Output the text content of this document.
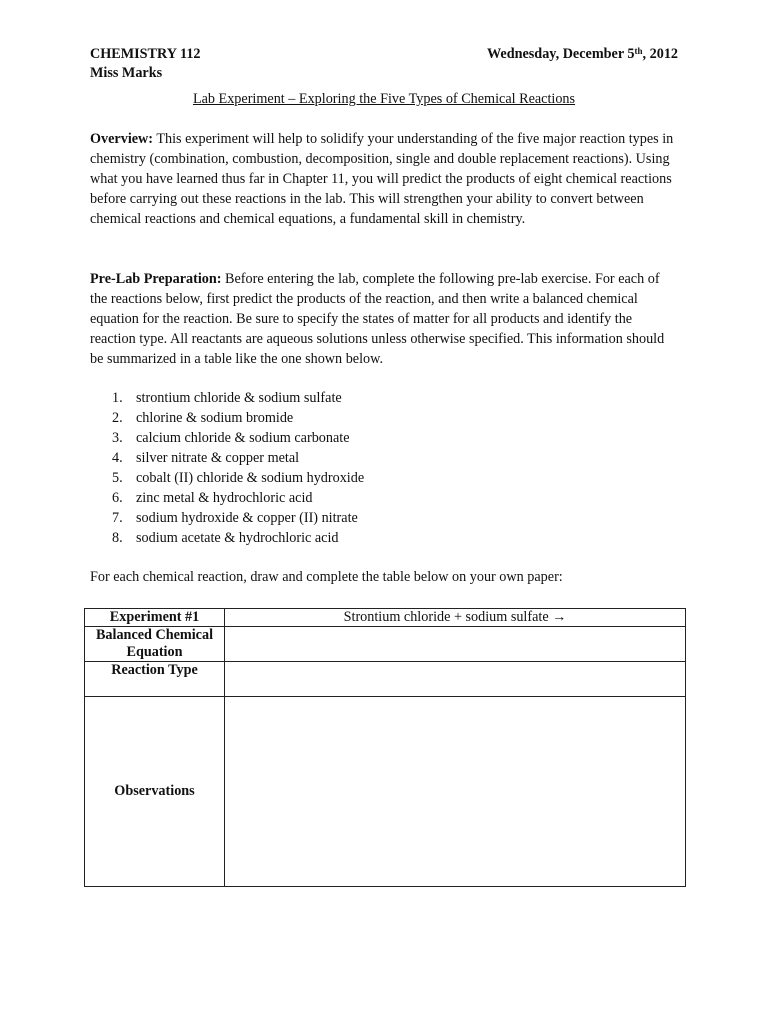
CHEMISTRY 112
Miss Marks
Wednesday, December 5th, 2012
Lab Experiment – Exploring the Five Types of Chemical Reactions

Overview: This experiment will help to solidify your understanding of the five major reaction types in chemistry (combination, combustion, decomposition, single and double replacement reactions). Using what you have learned thus far in Chapter 11, you will predict the products of eight chemical reactions before carrying out these reactions in the lab. This will strengthen your ability to convert between chemical reactions and chemical equations, a fundamental skill in chemistry.

Pre-Lab Preparation: Before entering the lab, complete the following pre-lab exercise. For each of the reactions below, first predict the products of the reaction, and then write a balanced chemical equation for the reaction. Be sure to specify the states of matter for all products and identify the reaction type. All reactants are aqueous solutions unless otherwise specified. This information should be summarized in a table like the one shown below.

1. strontium chloride & sodium sulfate
2. chlorine & sodium bromide
3. calcium chloride & sodium carbonate
4. silver nitrate & copper metal
5. cobalt (II) chloride & sodium hydroxide
6. zinc metal & hydrochloric acid
7. sodium hydroxide & copper (II) nitrate
8. sodium acetate & hydrochloric acid

For each chemical reaction, draw and complete the table below on your own paper:

Experiment #1	Strontium chloride + sodium sulfate →
Balanced Chemical Equation	
Reaction Type	
Observations	
